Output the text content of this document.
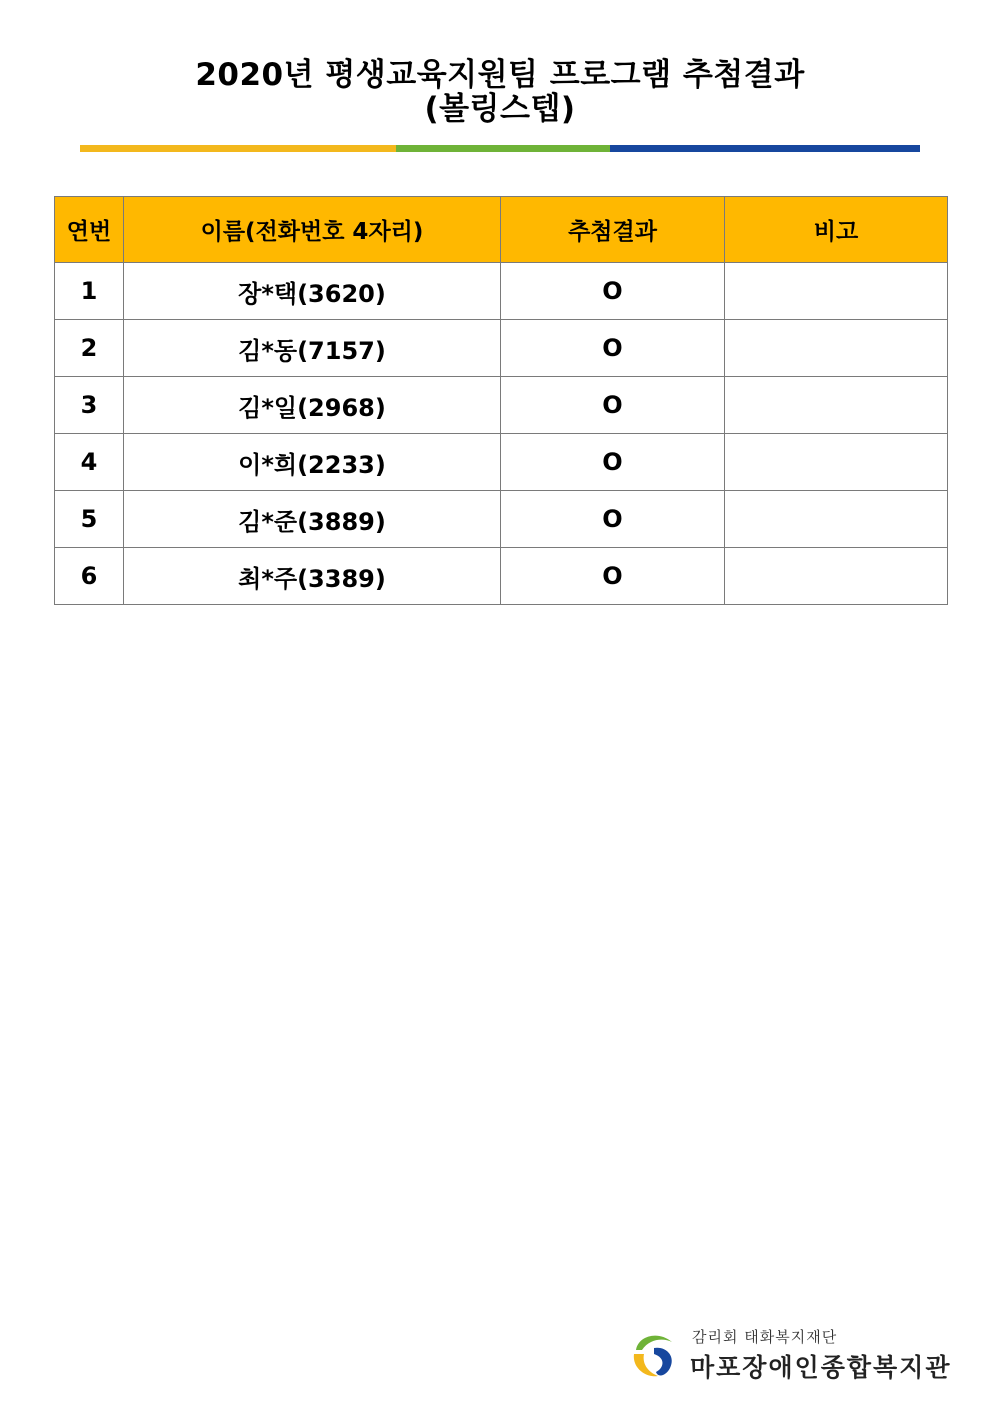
2020년 평생교육지원팀 프로그램 추첨결과
(볼링스텝)
연번	이름(전화번호 4자리)	추첨결과	비고
1	장*택(3620)	O	
2	김*동(7157)	O	
3	김*일(2968)	O	
4	이*희(2233)	O	
5	김*준(3889)	O	
6	최*주(3389)	O	
감리회 태화복지재단
마포장애인종합복지관
